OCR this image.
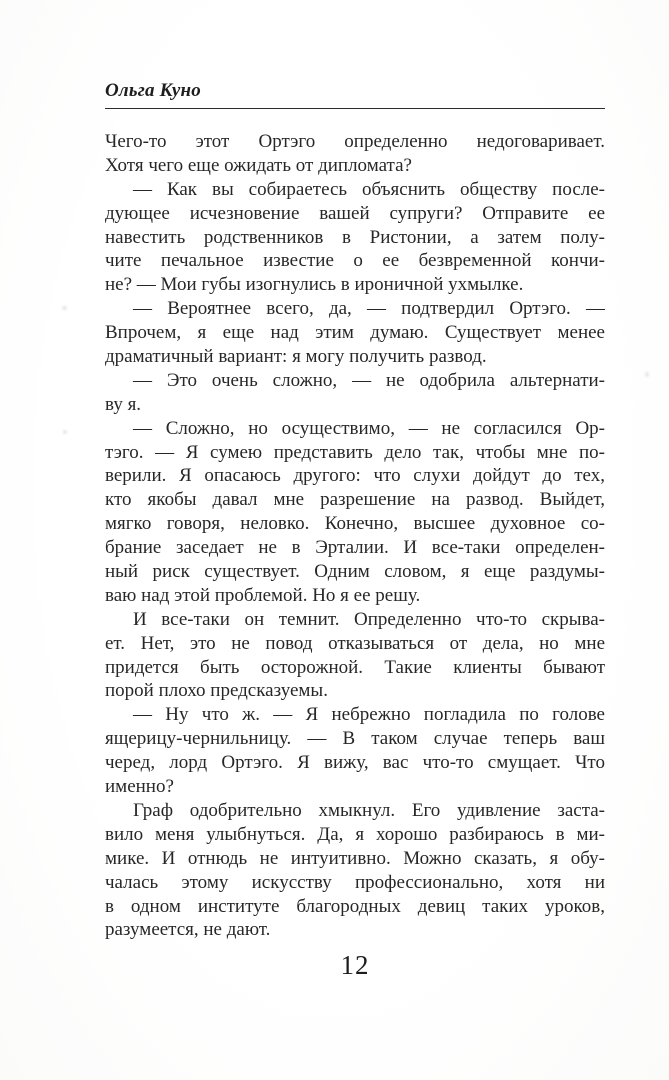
Ольга Куно
Чего-то этот Ортэго определенно недоговаривает.
Хотя чего еще ожидать от дипломата?
— Как вы собираетесь объяснить обществу после-
дующее исчезновение вашей супруги? Отправите ее
навестить родственников в Ристонии, а затем полу-
чите печальное известие о ее безвременной кончи-
не? — Мои губы изогнулись в ироничной ухмылке.
— Вероятнее всего, да, — подтвердил Ортэго. —
Впрочем, я еще над этим думаю. Существует менее
драматичный вариант: я могу получить развод.
— Это очень сложно, — не одобрила альтернати-
ву я.
— Сложно, но осуществимо, — не согласился Ор-
тэго. — Я сумею представить дело так, чтобы мне по-
верили. Я опасаюсь другого: что слухи дойдут до тех,
кто якобы давал мне разрешение на развод. Выйдет,
мягко говоря, неловко. Конечно, высшее духовное со-
брание заседает не в Эрталии. И все-таки определен-
ный риск существует. Одним словом, я еще раздумы-
ваю над этой проблемой. Но я ее решу.
И все-таки он темнит. Определенно что-то скрыва-
ет. Нет, это не повод отказываться от дела, но мне
придется быть осторожной. Такие клиенты бывают
порой плохо предсказуемы.
— Ну что ж. — Я небрежно погладила по голове
ящерицу-чернильницу. — В таком случае теперь ваш
черед, лорд Ортэго. Я вижу, вас что-то смущает. Что
именно?
Граф одобрительно хмыкнул. Его удивление заста-
вило меня улыбнуться. Да, я хорошо разбираюсь в ми-
мике. И отнюдь не интуитивно. Можно сказать, я обу-
чалась этому искусству профессионально, хотя ни
в одном институте благородных девиц таких уроков,
разумеется, не дают.
12
